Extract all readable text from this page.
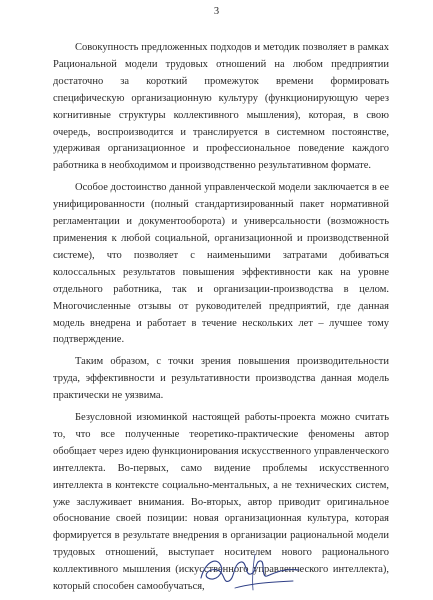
3

Совокупность предложенных подходов и методик позволяет в рамках Рациональной модели трудовых отношений на любом предприятии достаточно за короткий промежуток времени формировать специфическую организационную культуру (функционирующую через когнитивные структуры коллективного мышления), которая, в свою очередь, воспроизводится и транслируется в системном постоянстве, удерживая организационное и профессиональное поведение каждого работника в необходимом и производственно результативном формате.

Особое достоинство данной управленческой модели заключается в ее унифицированности (полный стандартизированный пакет нормативной регламентации и документооборота) и универсальности (возможность применения к любой социальной, организационной и производственной системе), что позволяет с наименьшими затратами добиваться колоссальных результатов повышения эффективности как на уровне отдельного работника, так и организации-производства в целом. Многочисленные отзывы от руководителей предприятий, где данная модель внедрена и работает в течение нескольких лет – лучшее тому подтверждение.

Таким образом, с точки зрения повышения производительности труда, эффективности и результативности производства данная модель практически не уязвима.

Безусловной изюминкой настоящей работы-проекта можно считать то, что все полученные теоретико-практические феномены автор обобщает через идею функционирования искусственного управленческого интеллекта. Во-первых, само видение проблемы искусственного интеллекта в контексте социально-ментальных, а не технических систем, уже заслуживает внимания. Во-вторых, автор приводит оригинальное обоснование своей позиции: новая организационная культура, которая формируется в результате внедрения в организации рациональной модели трудовых отношений, выступает носителем нового рационального коллективного мышления (искусственного управленческого интеллекта), который способен самообучаться,
